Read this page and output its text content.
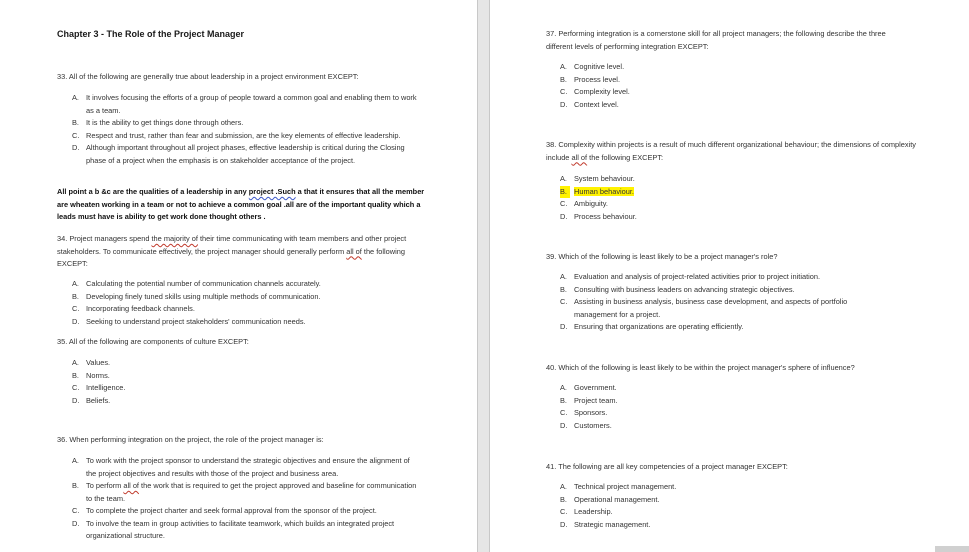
Chapter 3 - The Role of the Project Manager
33. All of the following are generally true about leadership in a project environment EXCEPT:
A. It involves focusing the efforts of a group of people toward a common goal and enabling them to work as a team.
B. It is the ability to get things done through others.
C. Respect and trust, rather than fear and submission, are the key elements of effective leadership.
D. Although important throughout all project phases, effective leadership is critical during the Closing phase of a project when the emphasis is on stakeholder acceptance of the project.
All point a b &c are the qualities of a leadership in any project .Such a that it ensures that all the member are wheaten working in a team or not to achieve a common goal .all are of the important quality which a leads must have is ability to get work done thought others .
34. Project managers spend the majority of their time communicating with team members and other project stakeholders. To communicate effectively, the project manager should generally perform all of the following EXCEPT:
A. Calculating the potential number of communication channels accurately.
B. Developing finely tuned skills using multiple methods of communication.
C. Incorporating feedback channels.
D. Seeking to understand project stakeholders' communication needs.
35. All of the following are components of culture EXCEPT:
A. Values.
B. Norms.
C. Intelligence.
D. Beliefs.
36. When performing integration on the project, the role of the project manager is:
A. To work with the project sponsor to understand the strategic objectives and ensure the alignment of the project objectives and results with those of the project and business area.
B. To perform all of the work that is required to get the project approved and baseline for communication to the team.
C. To complete the project charter and seek formal approval from the sponsor of the project.
D. To involve the team in group activities to facilitate teamwork, which builds an integrated project organizational structure.
37. Performing integration is a cornerstone skill for all project managers; the following describe the three different levels of performing integration EXCEPT:
A. Cognitive level.
B. Process level.
C. Complexity level.
D. Context level.
38. Complexity within projects is a result of much different organizational behaviour; the dimensions of complexity include all of the following EXCEPT:
A. System behaviour.
B. Human behaviour.
C. Ambiguity.
D. Process behaviour.
39. Which of the following is least likely to be a project manager's role?
A. Evaluation and analysis of project-related activities prior to project initiation.
B. Consulting with business leaders on advancing strategic objectives.
C. Assisting in business analysis, business case development, and aspects of portfolio management for a project.
D. Ensuring that organizations are operating efficiently.
40. Which of the following is least likely to be within the project manager's sphere of influence?
A. Government.
B. Project team.
C. Sponsors.
D. Customers.
41. The following are all key competencies of a project manager EXCEPT:
A. Technical project management.
B. Operational management.
C. Leadership.
D. Strategic management.
